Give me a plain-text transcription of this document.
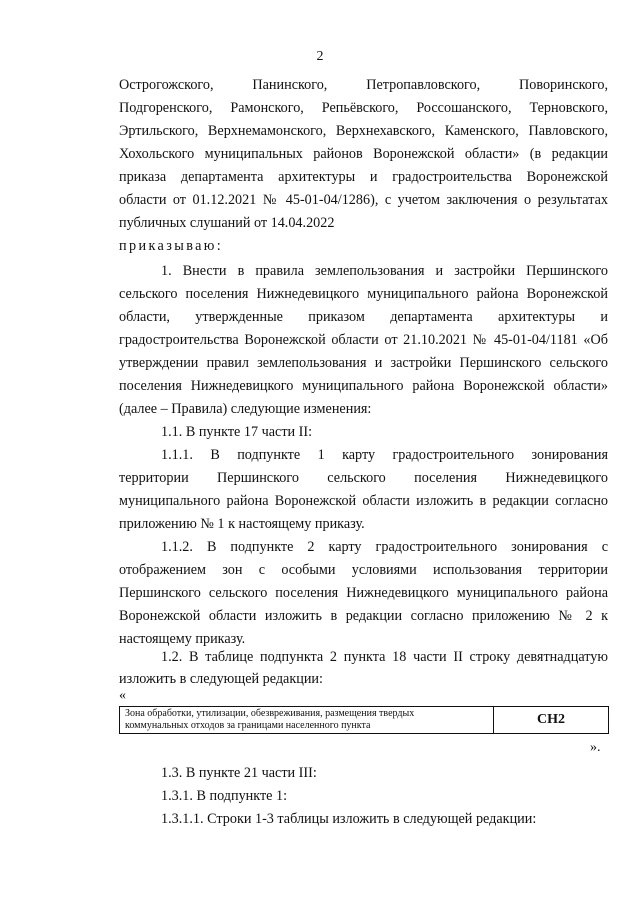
2
Острогожского, Панинского, Петропавловского, Поворинского,
Подгоренского, Рамонского, Репьёвского, Россошанского, Терновского,
Эртильского, Верхнемамонского, Верхнехавского, Каменского, Павловского,
Хохольского муниципальных районов Воронежской области» (в редакции
приказа департамента архитектуры и градостроительства Воронежской
области от 01.12.2021 № 45-01-04/1286), с учетом заключения о результатах
публичных слушаний от 14.04.2022
приказываю:
1. Внести в правила землепользования и застройки Першинского
сельского поселения Нижнедевицкого муниципального района Воронежской
области, утвержденные приказом департамента архитектуры и
градостроительства Воронежской области от 21.10.2021 № 45-01-04/1181 «Об
утверждении правил землепользования и застройки Першинского сельского
поселения Нижнедевицкого муниципального района Воронежской области»
(далее – Правила) следующие изменения:
1.1. В пункте 17 части II:
1.1.1. В подпункте 1 карту градостроительного зонирования
территории Першинского сельского поселения Нижнедевицкого
муниципального района Воронежской области изложить в редакции согласно
приложению № 1 к настоящему приказу.
1.1.2. В подпункте 2 карту градостроительного зонирования с
отображением зон с особыми условиями использования территории
Першинского сельского поселения Нижнедевицкого муниципального района
Воронежской области изложить в редакции согласно приложению № 2 к
настоящему приказу.
1.2. В таблице подпункта 2 пункта 18 части II строку девятнадцатую
изложить в следующей редакции:
«
Зона обработки, утилизации, обезвреживания, размещения твердых
коммунальных отходов за границами населенного пункта	СН2
».
1.3. В пункте 21 части III:
1.3.1. В подпункте 1:
1.3.1.1. Строки 1-3 таблицы изложить в следующей редакции:
